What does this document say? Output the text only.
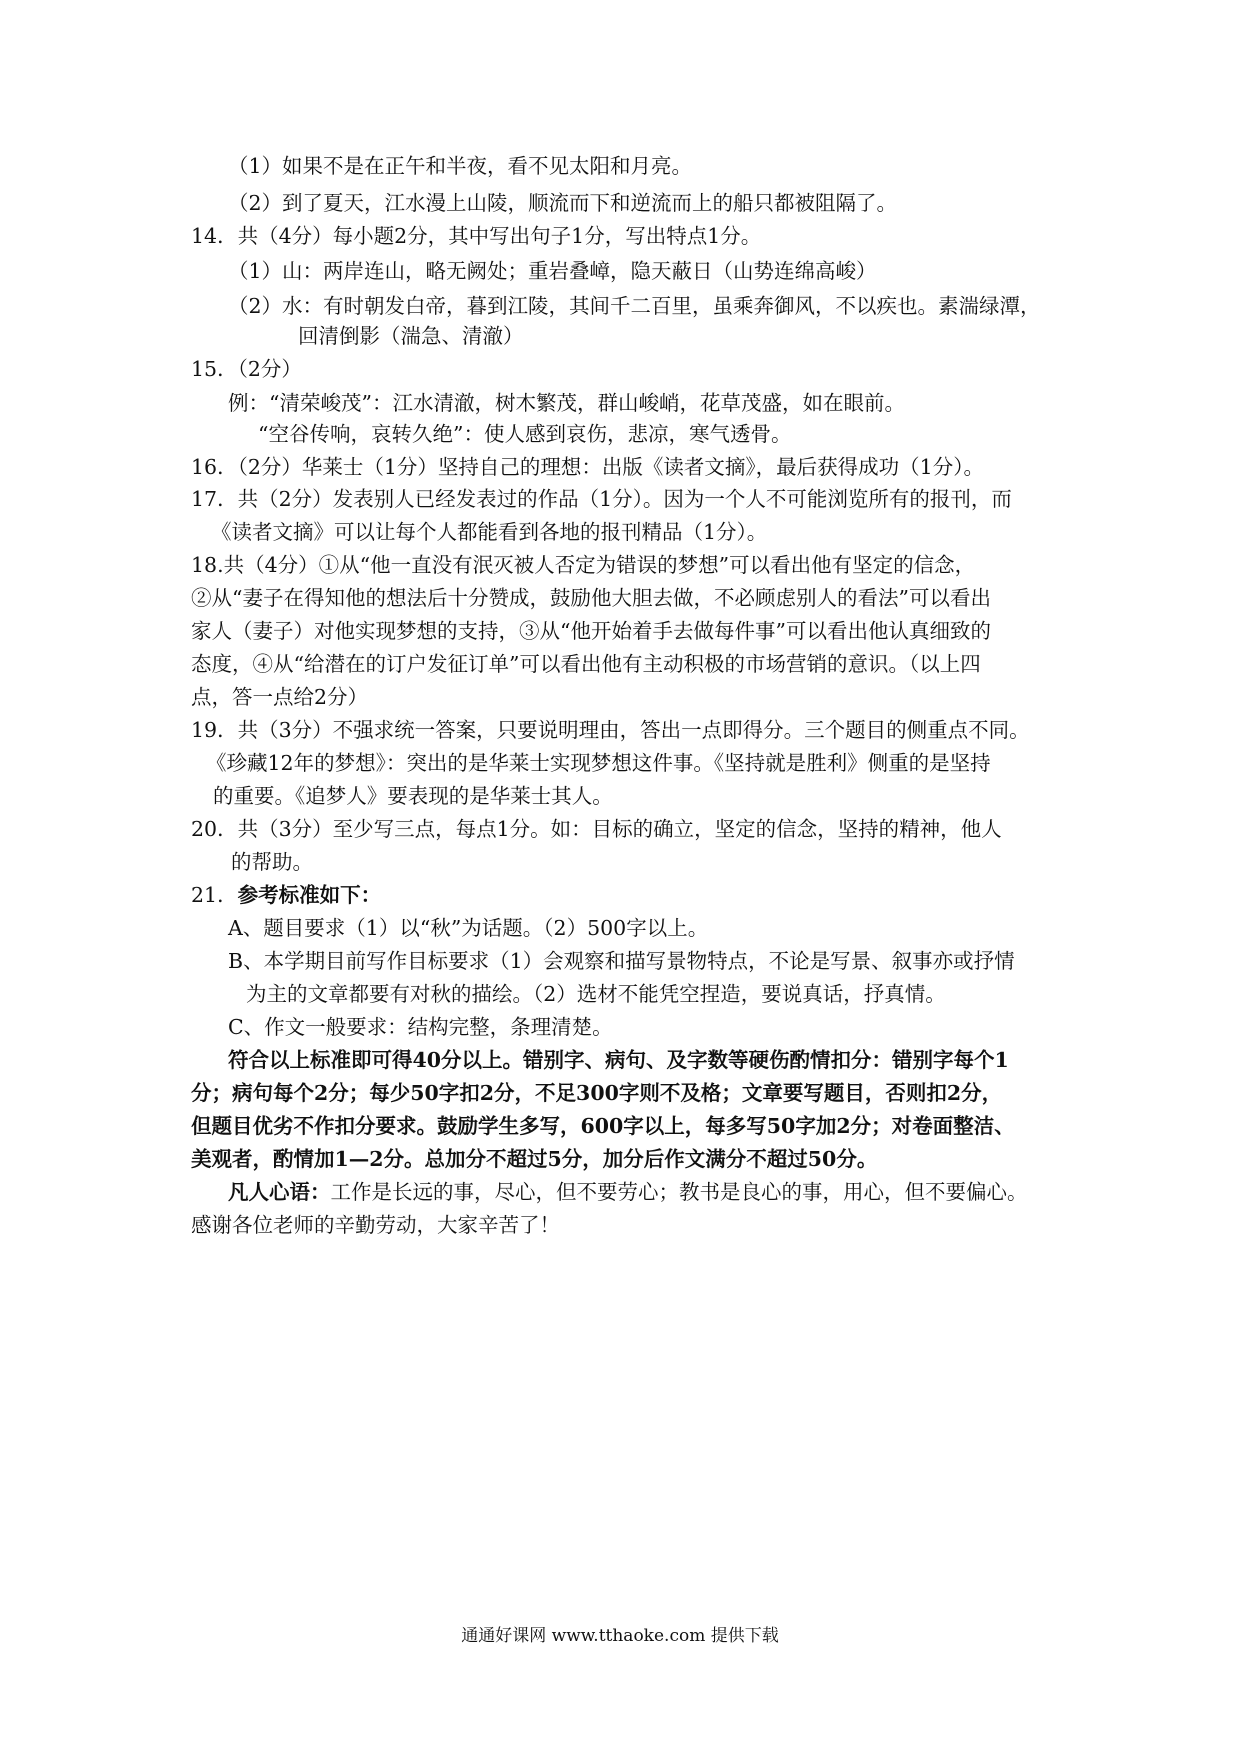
（1）如果不是在正午和半夜，看不见太阳和月亮。
（2）到了夏天，江水漫上山陵，顺流而下和逆流而上的船只都被阻隔了。
14．共（4分）每小题2分，其中写出句子1分，写出特点1分。
（1）山：两岸连山，略无阙处；重岩叠嶂，隐天蔽日（山势连绵高峻）
（2）水：有时朝发白帝，暮到江陵，其间千二百里，虽乘奔御风，不以疾也。素湍绿潭，
回清倒影（湍急、清澈）
15．（2分）
例：“清荣峻茂”：江水清澈，树木繁茂，群山峻峭，花草茂盛，如在眼前。
“空谷传响，哀转久绝”：使人感到哀伤，悲凉，寒气透骨。
16．（2分）华莱士（1分）坚持自己的理想：出版《读者文摘》，最后获得成功（1分）。
17．共（2分）发表别人已经发表过的作品（1分）。因为一个人不可能浏览所有的报刊，而
《读者文摘》可以让每个人都能看到各地的报刊精品（1分）。
18.共（4分）①从“他一直没有泯灭被人否定为错误的梦想”可以看出他有坚定的信念，
②从“妻子在得知他的想法后十分赞成，鼓励他大胆去做，不必顾虑别人的看法”可以看出
家人（妻子）对他实现梦想的支持，③从“他开始着手去做每件事”可以看出他认真细致的
态度，④从“给潜在的订户发征订单”可以看出他有主动积极的市场营销的意识。（以上四
点，答一点给2分）
19．共（3分）不强求统一答案，只要说明理由，答出一点即得分。三个题目的侧重点不同。
《珍藏12年的梦想》：突出的是华莱士实现梦想这件事。《坚持就是胜利》侧重的是坚持
的重要。《追梦人》要表现的是华莱士其人。
20．共（3分）至少写三点，每点1分。如：目标的确立，坚定的信念，坚持的精神，他人
的帮助。
21．参考标准如下：
A、题目要求（1）以“秋”为话题。（2）500字以上。
B、本学期目前写作目标要求（1）会观察和描写景物特点，不论是写景、叙事亦或抒情
为主的文章都要有对秋的描绘。（2）选材不能凭空捏造，要说真话，抒真情。
C、作文一般要求：结构完整，条理清楚。
符合以上标准即可得40分以上。错别字、病句、及字数等硬伤酌情扣分：错别字每个1
分；病句每个2分；每少50字扣2分，不足300字则不及格；文章要写题目，否则扣2分，
但题目优劣不作扣分要求。鼓励学生多写，600字以上，每多写50字加2分；对卷面整洁、
美观者，酌情加1—2分。总加分不超过5分，加分后作文满分不超过50分。
凡人心语：工作是长远的事，尽心，但不要劳心；教书是良心的事，用心，但不要偏心。
感谢各位老师的辛勤劳动，大家辛苦了！
通通好课网 www.tthaoke.com 提供下载
